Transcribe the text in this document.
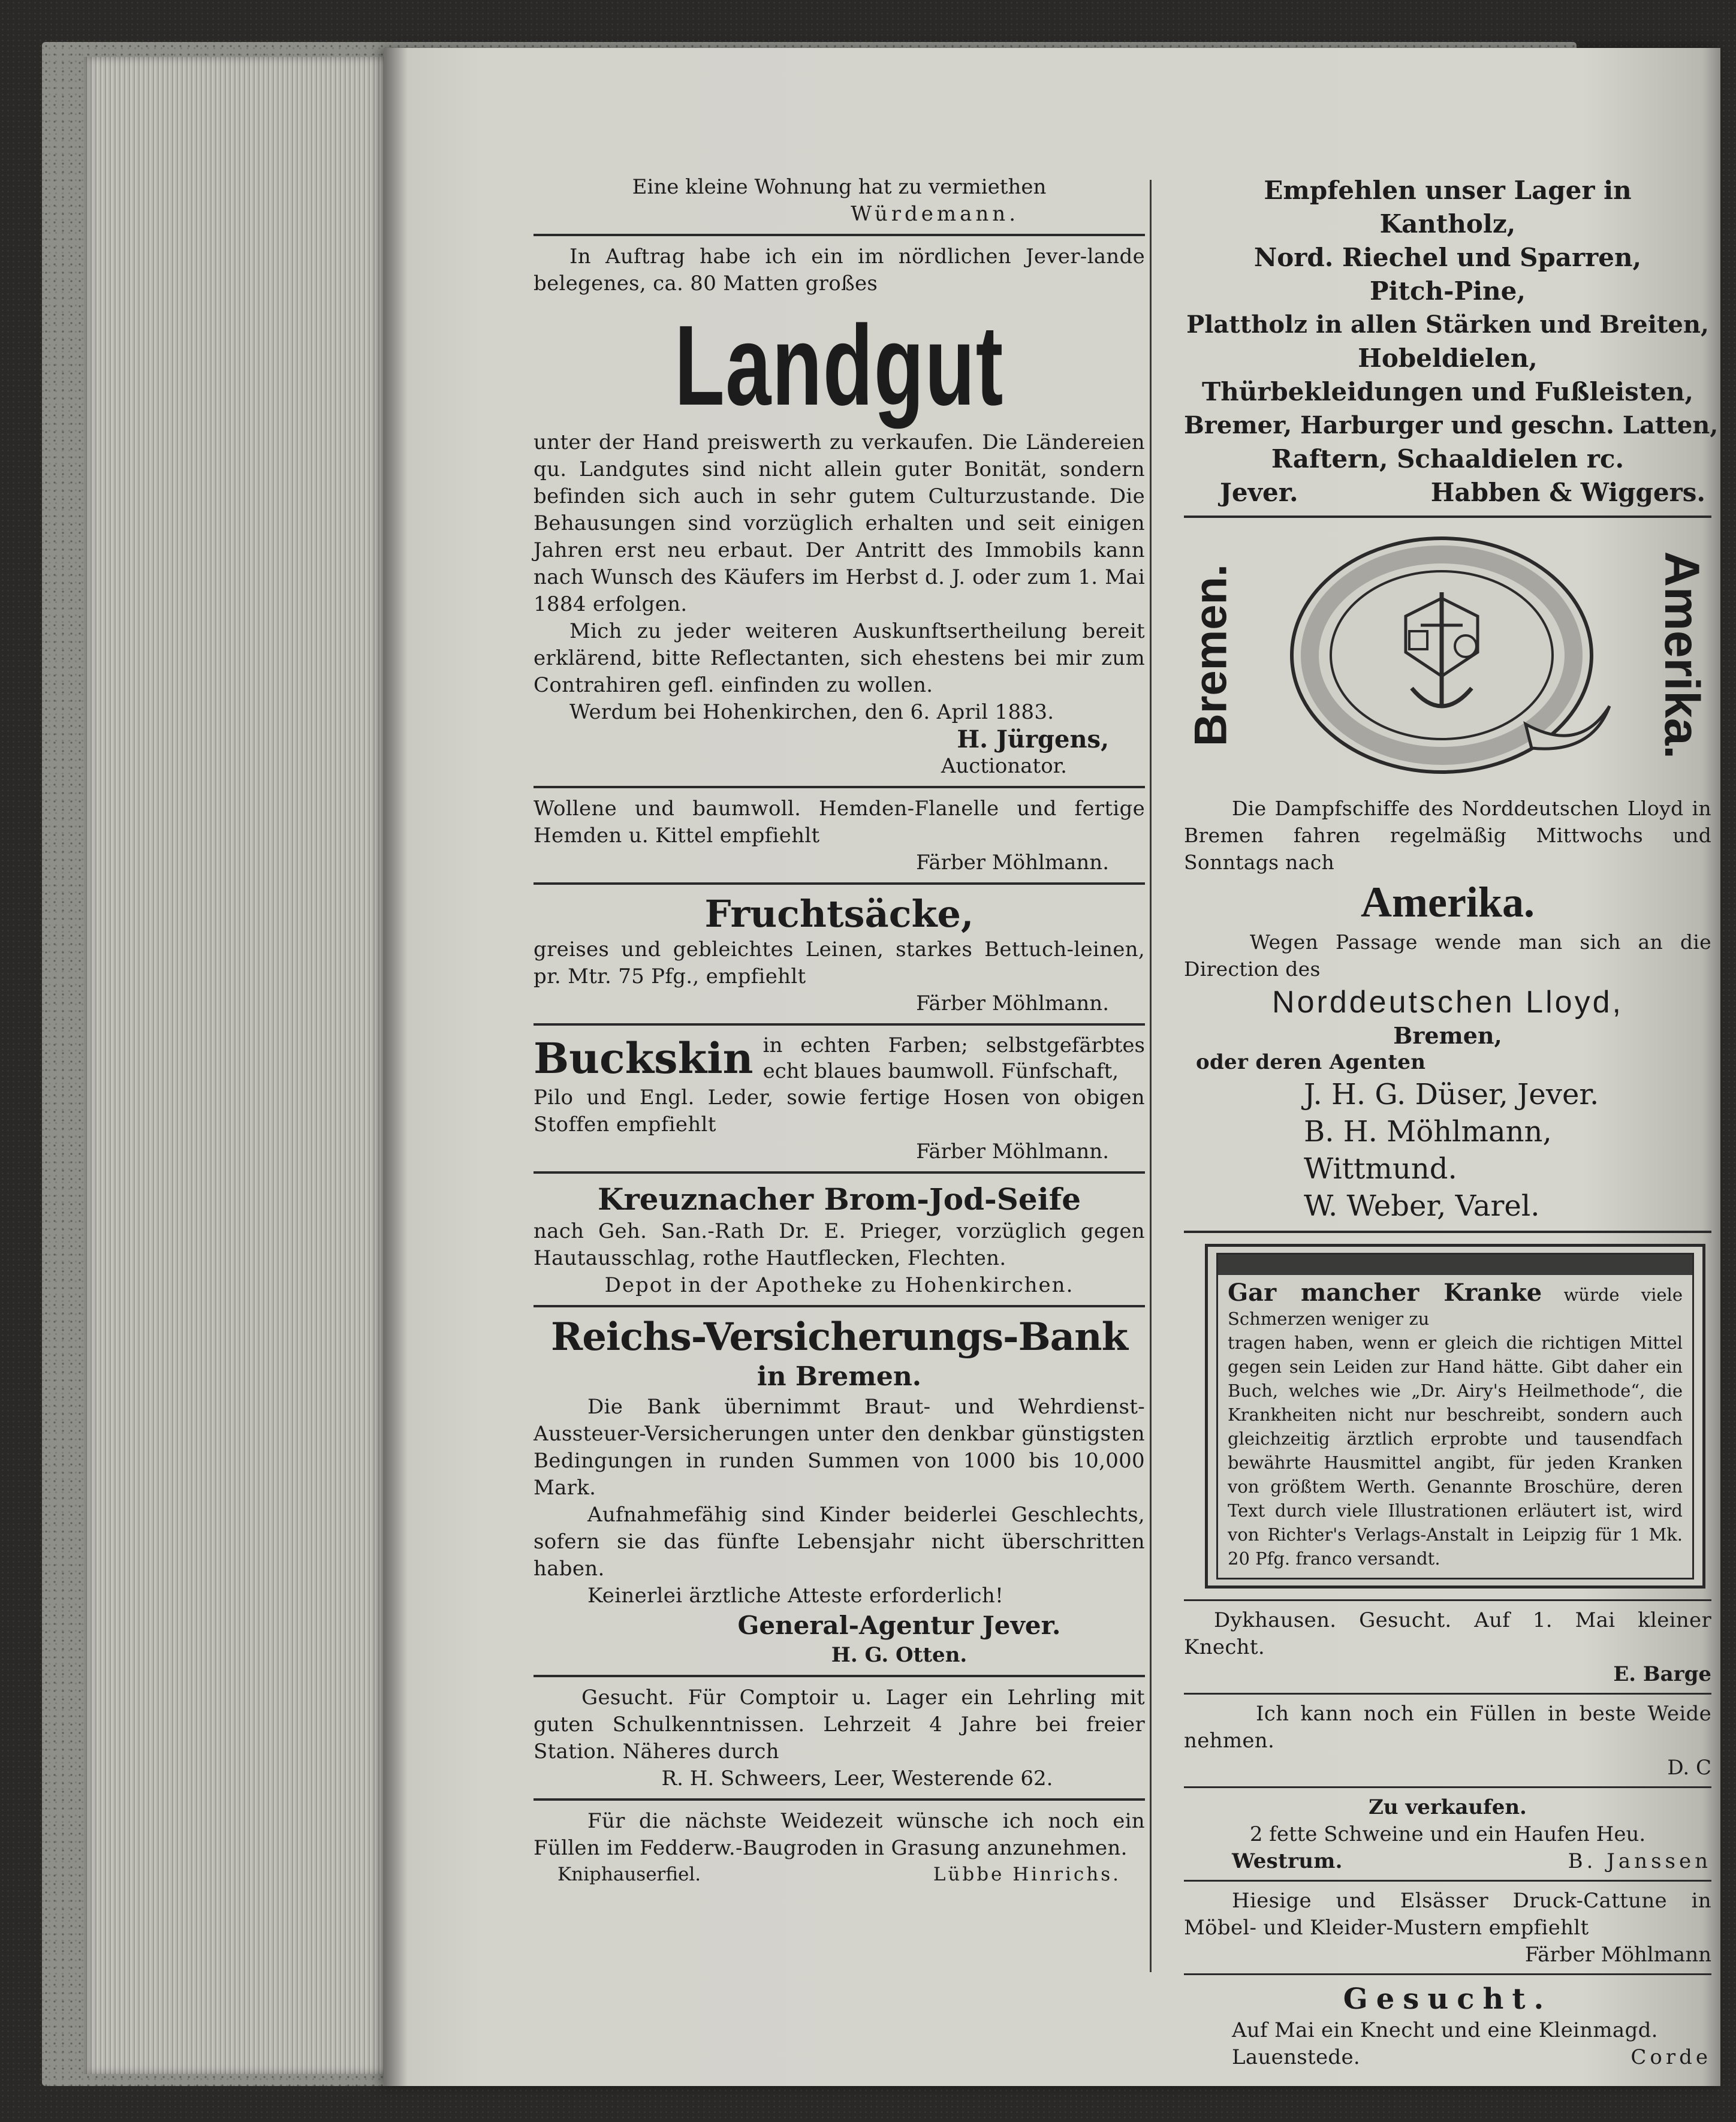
Eine kleine Wohnung hat zu vermiethen

Würdemann.

In Auftrag habe ich ein im nördlichen Jever-lande belegenes, ca. 80 Matten großes

Landgut

unter der Hand preiswerth zu verkaufen. Die Ländereien qu. Landgutes sind nicht allein guter Bonität, sondern befinden sich auch in sehr gutem Culturzustande. Die Behausungen sind vorzüglich erhalten und seit einigen Jahren erst neu erbaut. Der Antritt des Immobils kann nach Wunsch des Käufers im Herbst d. J. oder zum 1. Mai 1884 erfolgen.

Mich zu jeder weiteren Auskunftsertheilung bereit erklärend, bitte Reflectanten, sich ehestens bei mir zum Contrahiren gefl. einfinden zu wollen.

Werdum bei Hohenkirchen, den 6. April 1883.

H. Jürgens,

Auctionator.

Wollene und baumwoll. Hemden-Flanelle und fertige Hemden u. Kittel empfiehlt

Färber Möhlmann.

Fruchtsäcke,

greises und gebleichtes Leinen, starkes Bettuch-leinen, pr. Mtr. 75 Pfg., empfiehlt

Färber Möhlmann.

Buckskin in echten Farben; selbstgefärbtes echt blaues baumwoll. Fünfschaft,

Pilo und Engl. Leder, sowie fertige Hosen von obigen Stoffen empfiehlt

Färber Möhlmann.

Kreuznacher Brom-Jod-Seife

nach Geh. San.-Rath Dr. E. Prieger, vorzüglich gegen Hautausschlag, rothe Hautflecken, Flechten.

Depot in der Apotheke zu Hohenkirchen.

Reichs-Versicherungs-Bank
in Bremen.

Die Bank übernimmt Braut- und Wehrdienst-Aussteuer-Versicherungen unter den denkbar günstigsten Bedingungen in runden Summen von 1000 bis 10,000 Mark.

Aufnahmefähig sind Kinder beiderlei Geschlechts, sofern sie das fünfte Lebensjahr nicht überschritten haben.

Keinerlei ärztliche Atteste erforderlich!

General-Agentur Jever.

H. G. Otten.

Gesucht. Für Comptoir u. Lager ein Lehrling mit guten Schulkenntnissen. Lehrzeit 4 Jahre bei freier Station. Näheres durch

R. H. Schweers, Leer, Westerende 62.

Für die nächste Weidezeit wünsche ich noch ein Füllen im Fedderw.-Baugroden in Grasung anzunehmen.

Kniphauserfiel.	Lübbe Hinrichs.

Empfehlen unser Lager in

Kantholz,

Nord. Riechel und Sparren,

Pitch-Pine,

Plattholz in allen Stärken und Breiten,

Hobeldielen,

Thürbekleidungen und Fußleisten,

Bremer, Harburger und geschn. Latten,

Raftern, Schaaldielen rc.

Jever.	Habben & Wiggers.

Bremen.	Amerika.

Die Dampfschiffe des Norddeutschen Lloyd in Bremen fahren regelmäßig Mittwochs und Sonntags nach

Amerika.

Wegen Passage wende man sich an die Direction des

Norddeutschen Lloyd,

Bremen,

oder deren Agenten

J. H. G. Düser, Jever.

B. H. Möhlmann, Wittmund.

W. Weber, Varel.

Gar mancher Kranke würde viele Schmerzen weniger zu

tragen haben, wenn er gleich die richtigen Mittel gegen sein Leiden zur Hand hätte. Gibt daher ein Buch, welches wie „Dr. Airy's Heilmethode“, die Krankheiten nicht nur beschreibt, sondern auch gleichzeitig ärztlich erprobte und tausendfach bewährte Hausmittel angibt, für jeden Kranken von größtem Werth. Genannte Broschüre, deren Text durch viele Illustrationen erläutert ist, wird von Richter's Verlags-Anstalt in Leipzig für 1 Mk. 20 Pfg. franco versandt.

Dykhausen. Gesucht. Auf 1. Mai kleiner Knecht.

E. Barge

Ich kann noch ein Füllen in beste Weide nehmen.

D. C

Zu verkaufen.

2 fette Schweine und ein Haufen Heu.

Westrum.	B. Janssen

Hiesige und Elsässer Druck-Cattune in Möbel- und Kleider-Mustern empfiehlt

Färber Möhlmann

Gesucht.

Auf Mai ein Knecht und eine Kleinmagd.

Lauenstede.	Corde
